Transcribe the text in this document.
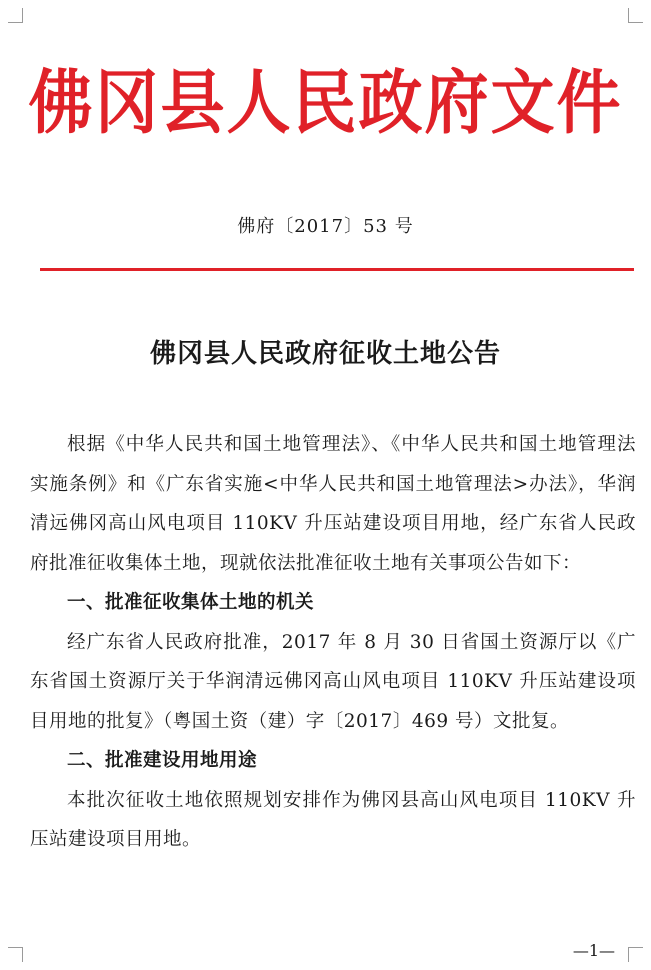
佛冈县人民政府文件
佛府〔2017〕53 号
佛冈县人民政府征收土地公告

根据《中华人民共和国土地管理法》、《中华人民共和国土地管理法实施条例》和《广东省实施<中华人民共和国土地管理法>办法》，华润清远佛冈高山风电项目 110KV 升压站建设项目用地，经广东省人民政府批准征收集体土地，现就依法批准征收土地有关事项公告如下：

一、批准征收集体土地的机关

经广东省人民政府批准，2017 年 8 月 30 日省国土资源厅以《广东省国土资源厅关于华润清远佛冈高山风电项目 110KV 升压站建设项目用地的批复》（粤国土资（建）字〔2017〕469 号）文批复。

二、批准建设用地用途

本批次征收土地依照规划安排作为佛冈县高山风电项目 110KV 升压站建设项目用地。

—1—
